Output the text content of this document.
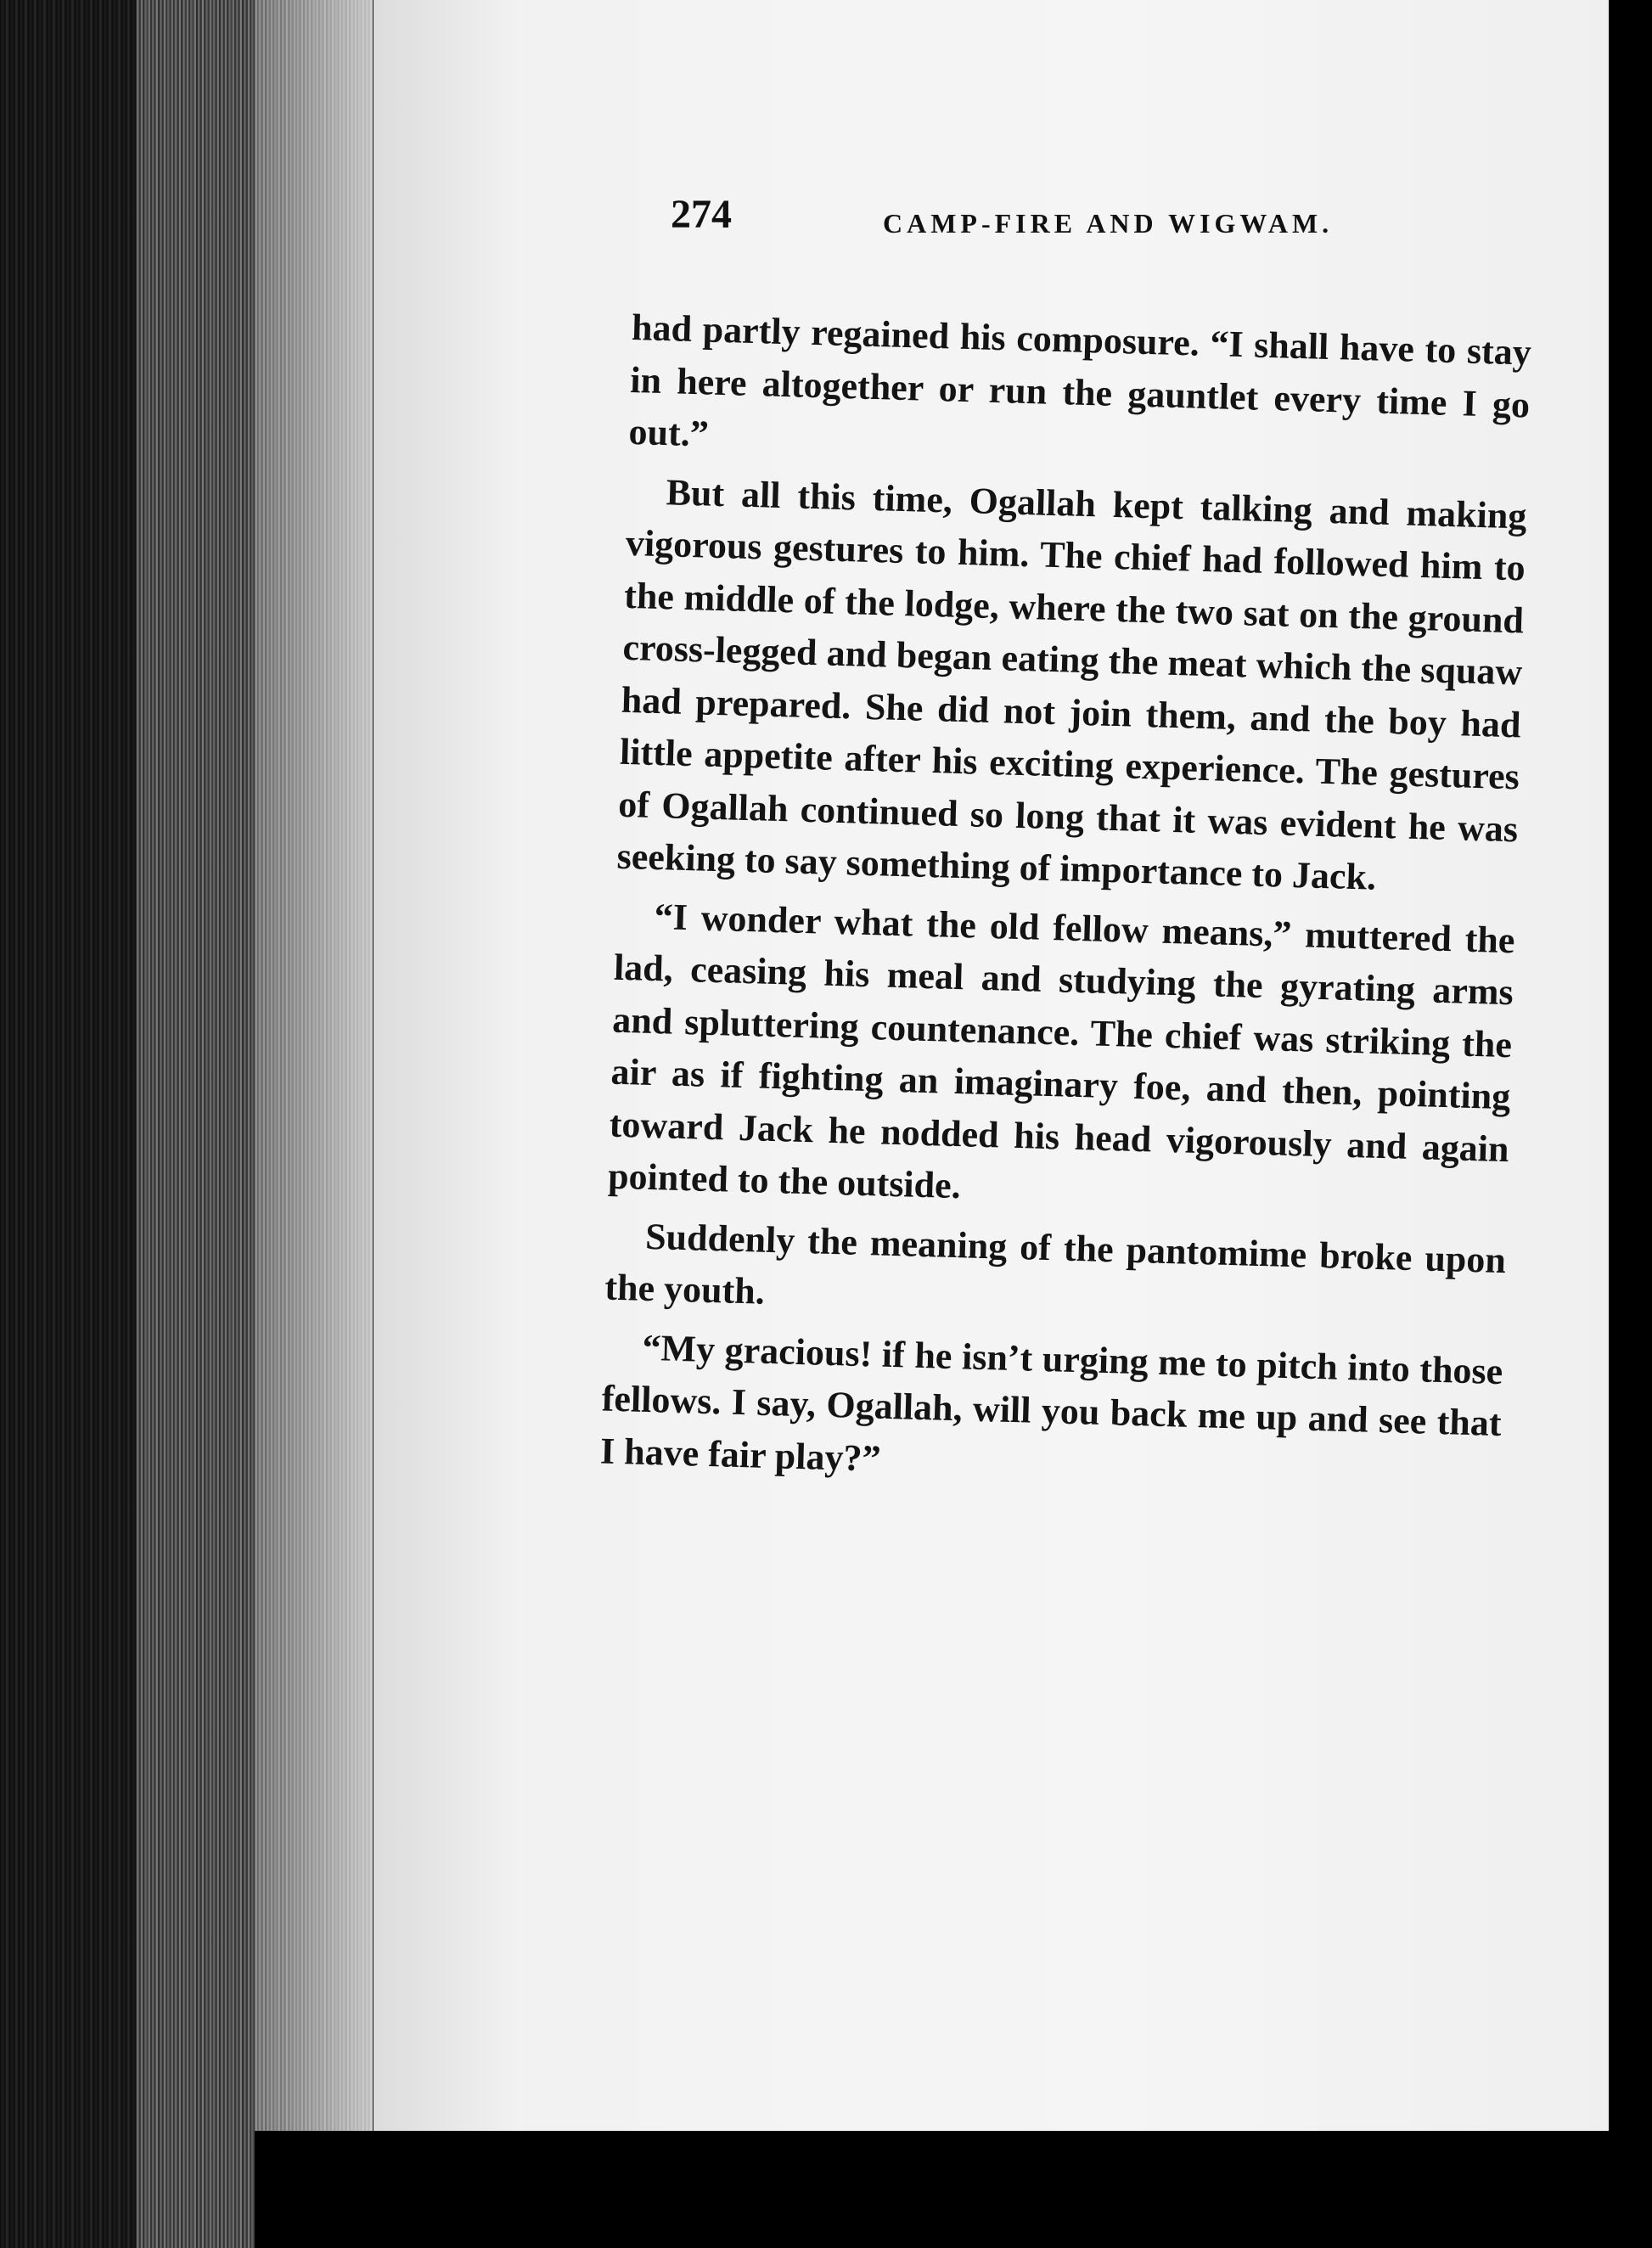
274	CAMP-FIRE AND WIGWAM.

had partly regained his composure. “I shall have to stay in here altogether or run the gauntlet every time I go out.”

But all this time, Ogallah kept talking and making vigorous gestures to him. The chief had followed him to the middle of the lodge, where the two sat on the ground cross-legged and began eating the meat which the squaw had prepared. She did not join them, and the boy had little appetite after his exciting experience. The gestures of Ogallah continued so long that it was evident he was seeking to say something of importance to Jack.

“I wonder what the old fellow means,” muttered the lad, ceasing his meal and studying the gyrating arms and spluttering countenance. The chief was striking the air as if fighting an imaginary foe, and then, pointing toward Jack he nodded his head vigorously and again pointed to the outside.

Suddenly the meaning of the pantomime broke upon the youth.

“My gracious! if he isn’t urging me to pitch into those fellows. I say, Ogallah, will you back me up and see that I have fair play?”
